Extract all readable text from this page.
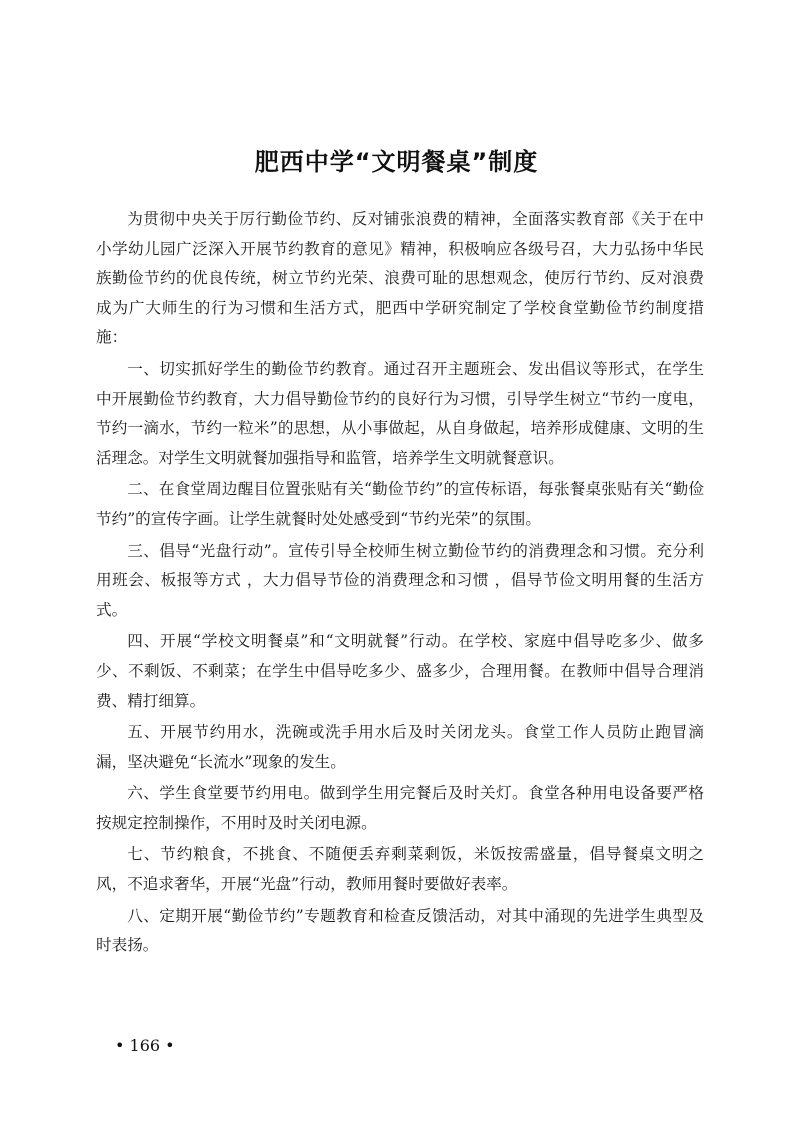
肥西中学“文明餐桌”制度

为贯彻中央关于厉行勤俭节约、反对铺张浪费的精神，全面落实教育部《关于在中小学幼儿园广泛深入开展节约教育的意见》精神，积极响应各级号召，大力弘扬中华民族勤俭节约的优良传统，树立节约光荣、浪费可耻的思想观念，使厉行节约、反对浪费成为广大师生的行为习惯和生活方式，肥西中学研究制定了学校食堂勤俭节约制度措施：

一、切实抓好学生的勤俭节约教育。通过召开主题班会、发出倡议等形式，在学生中开展勤俭节约教育，大力倡导勤俭节约的良好行为习惯，引导学生树立“节约一度电，节约一滴水，节约一粒米”的思想，从小事做起，从自身做起，培养形成健康、文明的生活理念。对学生文明就餐加强指导和监管，培养学生文明就餐意识。

二、在食堂周边醒目位置张贴有关“勤俭节约”的宣传标语，每张餐桌张贴有关“勤俭节约”的宣传字画。让学生就餐时处处感受到“节约光荣”的氛围。

三、倡导“光盘行动”。宣传引导全校师生树立勤俭节约的消费理念和习惯。充分利用班会、板报等方式 ，大力倡导节俭的消费理念和习惯 ，倡导节俭文明用餐的生活方式。

四、开展“学校文明餐桌”和“文明就餐”行动。在学校、家庭中倡导吃多少、做多少、不剩饭、不剩菜；在学生中倡导吃多少、盛多少，合理用餐。在教师中倡导合理消费、精打细算。

五、开展节约用水，洗碗或洗手用水后及时关闭龙头。食堂工作人员防止跑冒滴漏，坚决避免“长流水”现象的发生。

六、学生食堂要节约用电。做到学生用完餐后及时关灯。食堂各种用电设备要严格按规定控制操作，不用时及时关闭电源。

七、节约粮食，不挑食、不随便丢弃剩菜剩饭，米饭按需盛量，倡导餐桌文明之风，不追求奢华，开展“光盘”行动，教师用餐时要做好表率。

八、定期开展“勤俭节约”专题教育和检查反馈活动，对其中涌现的先进学生典型及时表扬。

• 166 •
